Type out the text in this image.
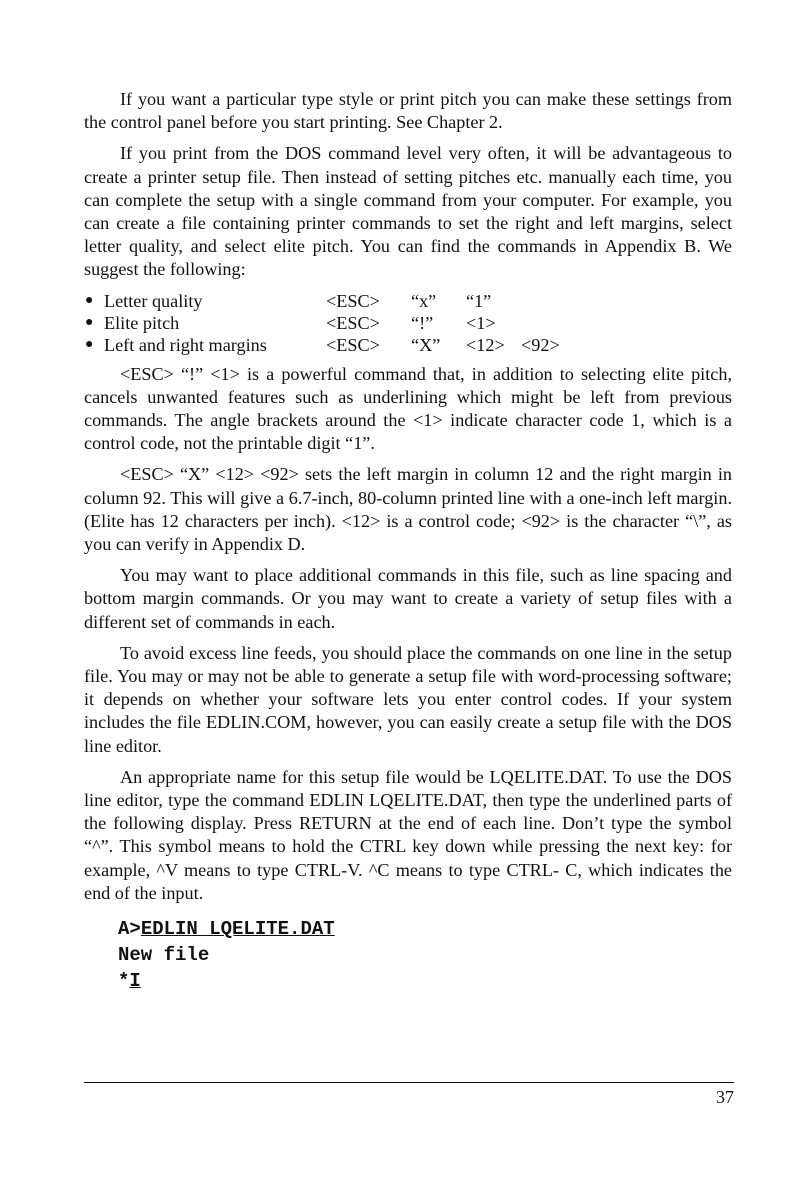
If you want a particular type style or print pitch you can make these settings from the control panel before you start printing. See Chapter 2.

If you print from the DOS command level very often, it will be advantageous to create a printer setup file. Then instead of setting pitches etc. manually each time, you can complete the setup with a single command from your computer. For example, you can create a file containing printer commands to set the right and left margins, select letter quality, and select elite pitch. You can find the commands in Appendix B. We suggest the following:

● Letter quality	<ESC> “x” “1”
● Elite pitch	<ESC> “!” <1>
● Left and right margins	<ESC> “X” <12> <92>

<ESC> “!” <1> is a powerful command that, in addition to selecting elite pitch, cancels unwanted features such as underlining which might be left from previous commands. The angle brackets around the <1> indicate character code 1, which is a control code, not the printable digit “1”.

<ESC> “X” <12> <92> sets the left margin in column 12 and the right margin in column 92. This will give a 6.7-inch, 80-column printed line with a one-inch left margin. (Elite has 12 characters per inch). <12> is a control code; <92> is the character “\”, as you can verify in Appendix D.

You may want to place additional commands in this file, such as line spacing and bottom margin commands. Or you may want to create a variety of setup files with a different set of commands in each.

To avoid excess line feeds, you should place the commands on one line in the setup file. You may or may not be able to generate a setup file with word-processing software; it depends on whether your software lets you enter control codes. If your system includes the file EDLIN.COM, however, you can easily create a setup file with the DOS line editor.

An appropriate name for this setup file would be LQELITE.DAT. To use the DOS line editor, type the command EDLIN LQELITE.DAT, then type the underlined parts of the following display. Press RETURN at the end of each line. Don’t type the symbol “^”. This symbol means to hold the CTRL key down while pressing the next key: for example, ^V means to type CTRL-V. ^C means to type CTRL- C, which indicates the end of the input.

A>EDLIN LQELITE.DAT
New file
*I
37
